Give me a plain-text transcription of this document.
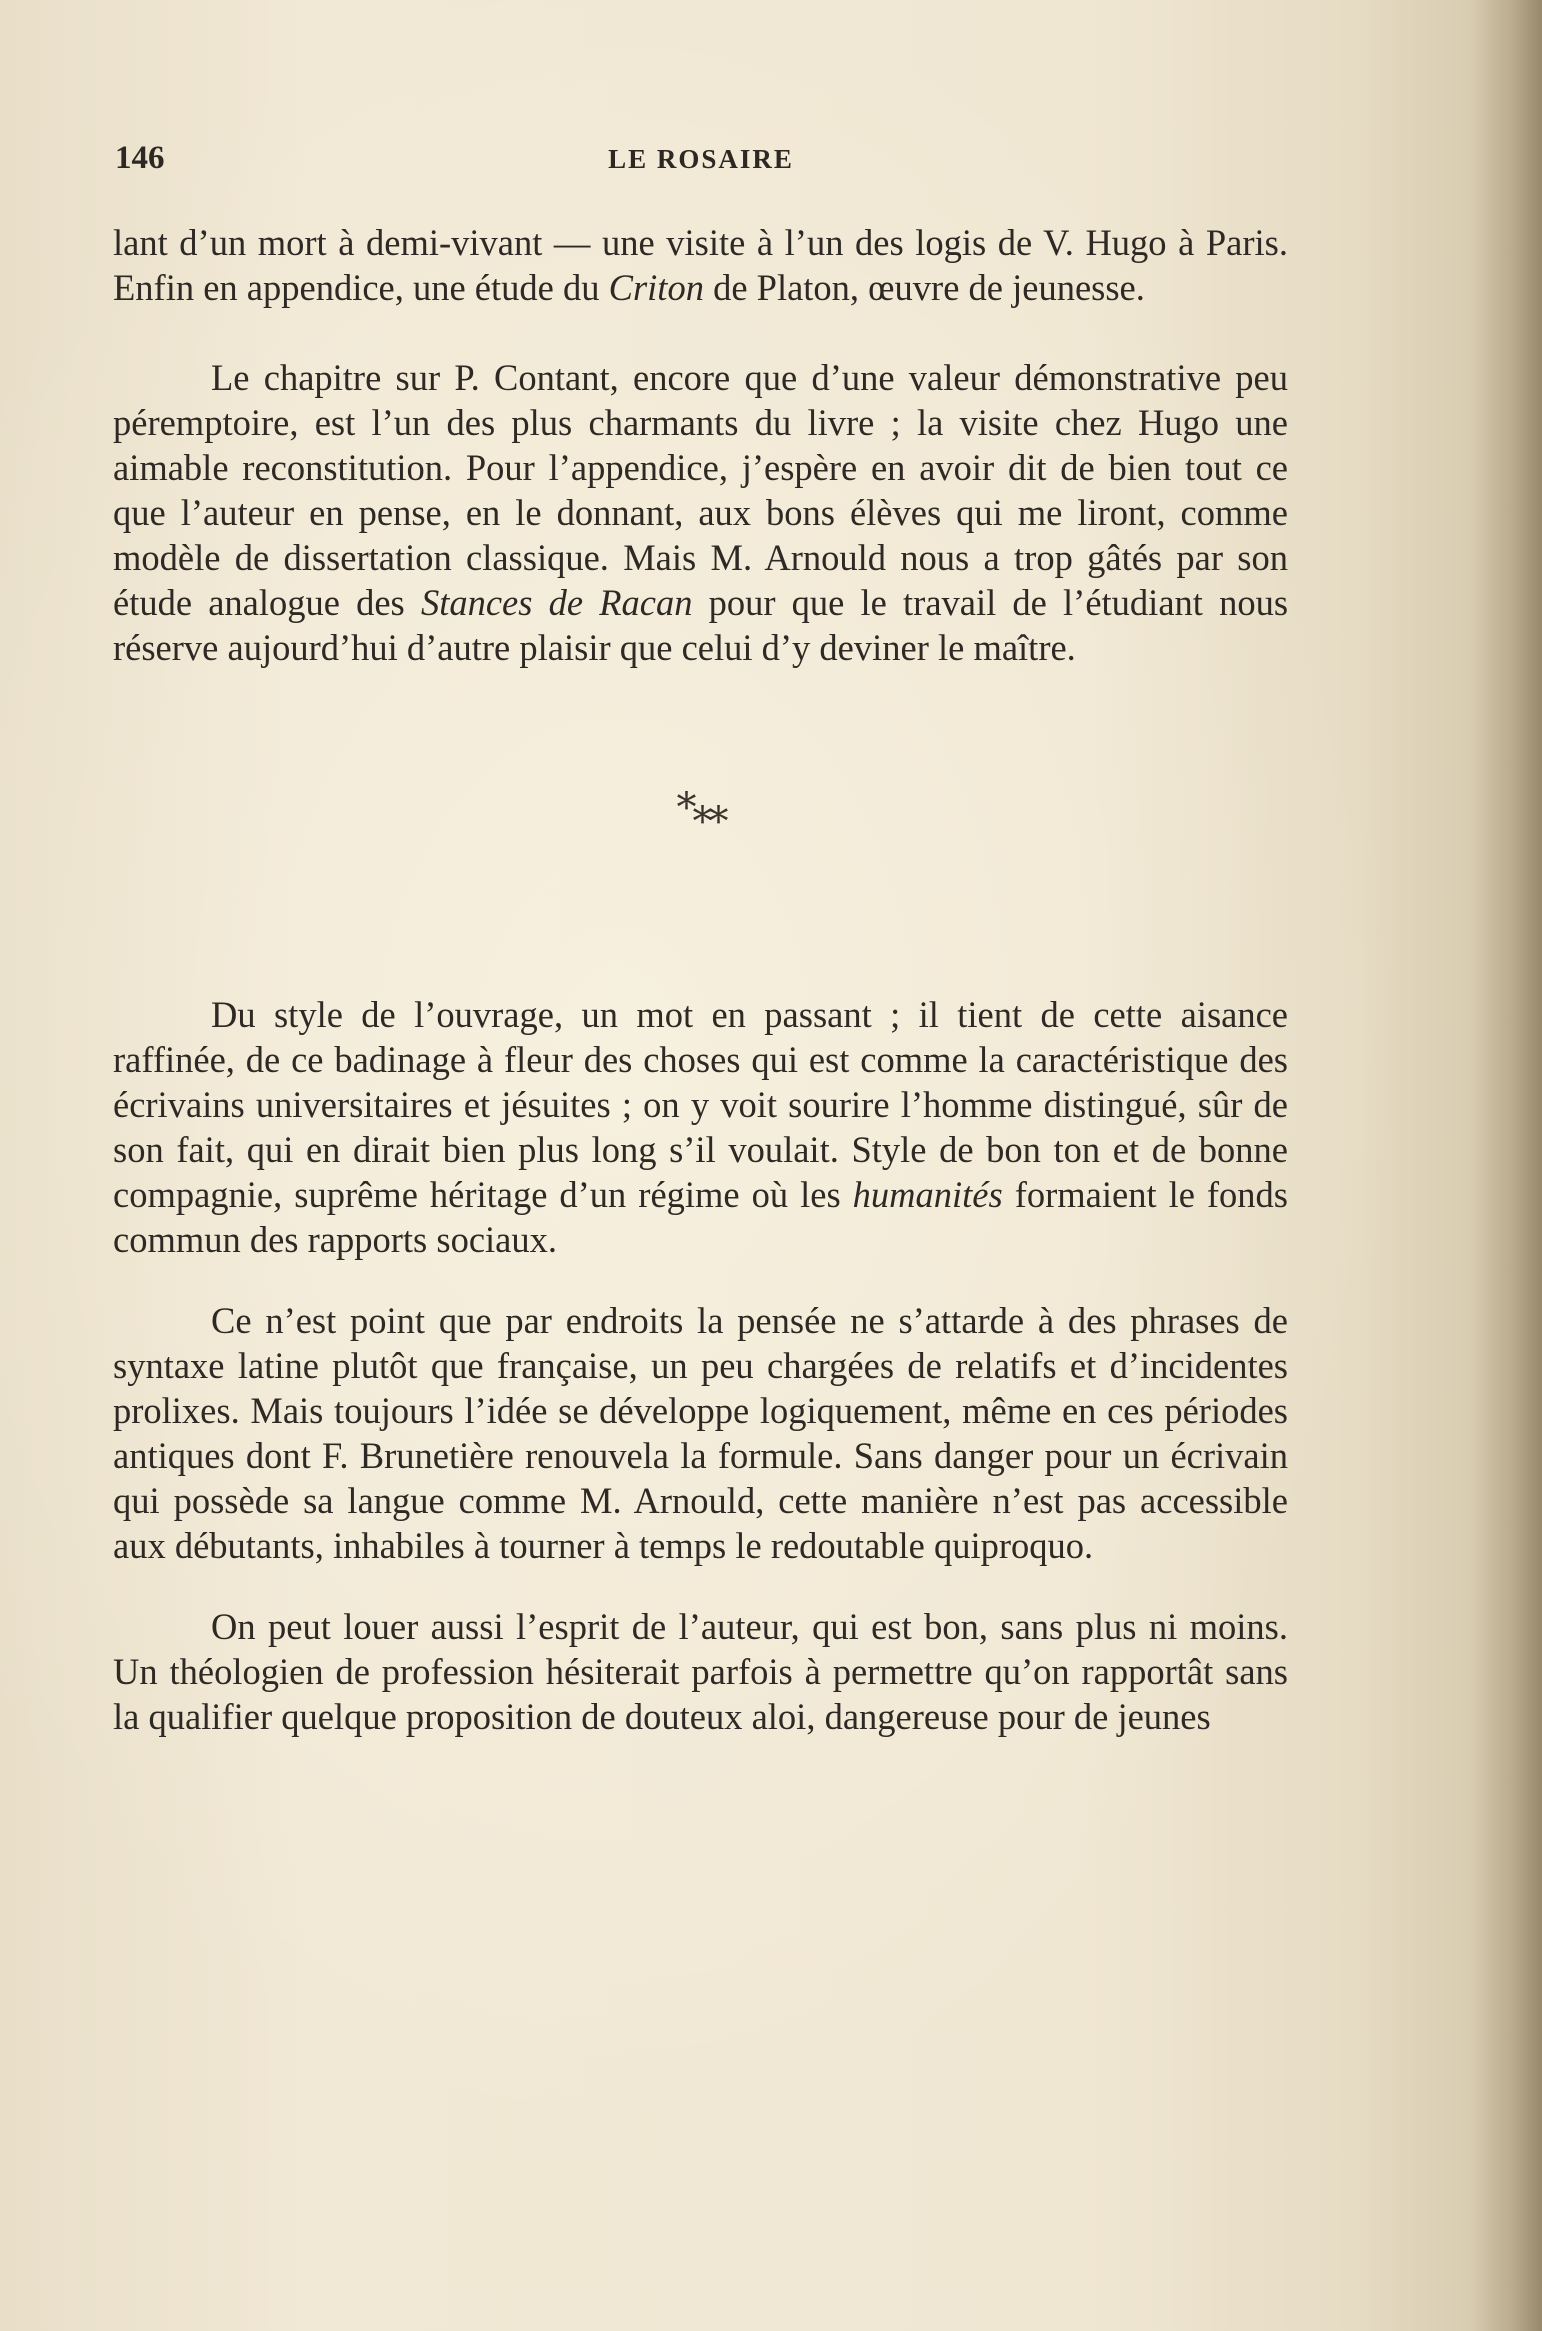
146	LE ROSAIRE

lant d’un mort à demi-vivant — une visite à l’un des logis de V. Hugo à Paris. Enfin en appendice, une étude du Criton de Platon, œuvre de jeunesse.

Le chapitre sur P. Contant, encore que d’une valeur démonstrative peu péremptoire, est l’un des plus charmants du livre ; la visite chez Hugo une aimable reconstitution. Pour l’appendice, j’espère en avoir dit de bien tout ce que l’auteur en pense, en le donnant, aux bons élèves qui me liront, comme modèle de dissertation classique. Mais M. Arnould nous a trop gâtés par son étude analogue des Stances de Racan pour que le travail de l’étudiant nous réserve aujourd’hui d’autre plaisir que celui d’y deviner le maître.

***

Du style de l’ouvrage, un mot en passant ; il tient de cette aisance raffinée, de ce badinage à fleur des choses qui est comme la caractéristique des écrivains universitaires et jésuites ; on y voit sourire l’homme distingué, sûr de son fait, qui en dirait bien plus long s’il voulait. Style de bon ton et de bonne compagnie, suprême héritage d’un régime où les humanités formaient le fonds commun des rapports sociaux.

Ce n’est point que par endroits la pensée ne s’attarde à des phrases de syntaxe latine plutôt que française, un peu chargées de relatifs et d’incidentes prolixes. Mais toujours l’idée se développe logiquement, même en ces périodes antiques dont F. Brunetière renouvela la formule. Sans danger pour un écrivain qui possède sa langue comme M. Arnould, cette manière n’est pas accessible aux débutants, inhabiles à tourner à temps le redoutable quiproquo.

On peut louer aussi l’esprit de l’auteur, qui est bon, sans plus ni moins. Un théologien de profession hésiterait parfois à permettre qu’on rapportât sans la qualifier quelque proposition de douteux aloi, dangereuse pour de jeunes
